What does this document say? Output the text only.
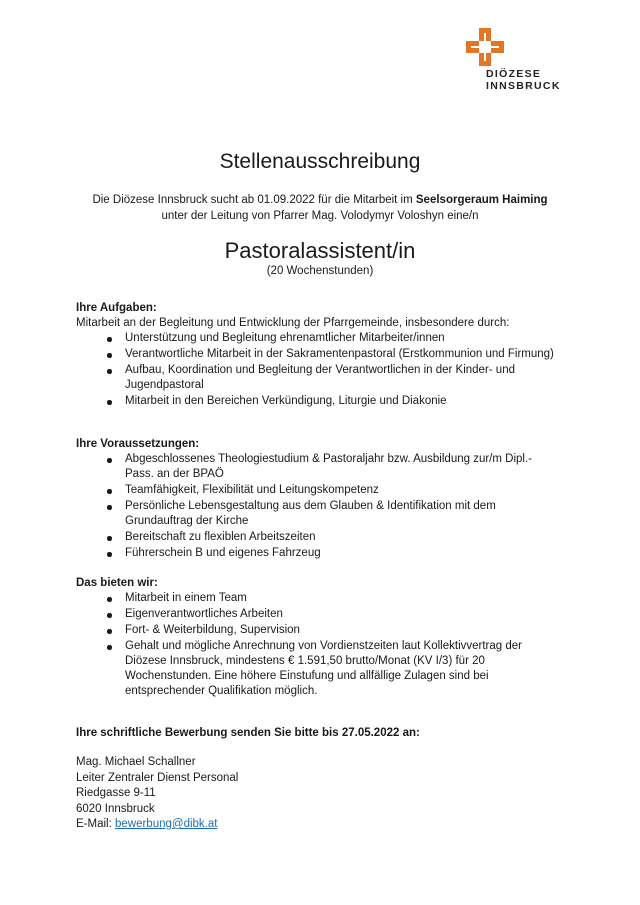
DIÖZESE
INNSBRUCK
Stellenausschreibung
Die Diözese Innsbruck sucht ab 01.09.2022 für die Mitarbeit im Seelsorgeraum Haiming
unter der Leitung von Pfarrer Mag. Volodymyr Voloshyn eine/n
Pastoralassistent/in
(20 Wochenstunden)
Ihre Aufgaben:

Mitarbeit an der Begleitung und Entwicklung der Pfarrgemeinde, insbesondere durch:

Unterstützung und Begleitung ehrenamtlicher Mitarbeiter/innen
Verantwortliche Mitarbeit in der Sakramentenpastoral (Erstkommunion und Firmung)
Aufbau, Koordination und Begleitung der Verantwortlichen in der Kinder- und Jugendpastoral
Mitarbeit in den Bereichen Verkündigung, Liturgie und Diakonie
Ihre Voraussetzungen:
Abgeschlossenes Theologiestudium & Pastoraljahr bzw. Ausbildung zur/m Dipl.-Pass. an der BPAÖ
Teamfähigkeit, Flexibilität und Leitungskompetenz
Persönliche Lebensgestaltung aus dem Glauben & Identifikation mit dem Grundauftrag der Kirche
Bereitschaft zu flexiblen Arbeitszeiten
Führerschein B und eigenes Fahrzeug
Das bieten wir:
Mitarbeit in einem Team
Eigenverantwortliches Arbeiten
Fort- & Weiterbildung, Supervision
Gehalt und mögliche Anrechnung von Vordienstzeiten laut Kollektivvertrag der Diözese Innsbruck, mindestens € 1.591,50 brutto/Monat (KV I/3) für 20 Wochenstunden. Eine höhere Einstufung und allfällige Zulagen sind bei entsprechender Qualifikation möglich.
Ihre schriftliche Bewerbung senden Sie bitte bis 27.05.2022 an:
Mag. Michael Schallner
Leiter Zentraler Dienst Personal
Riedgasse 9-11
6020 Innsbruck
E-Mail: bewerbung@dibk.at
